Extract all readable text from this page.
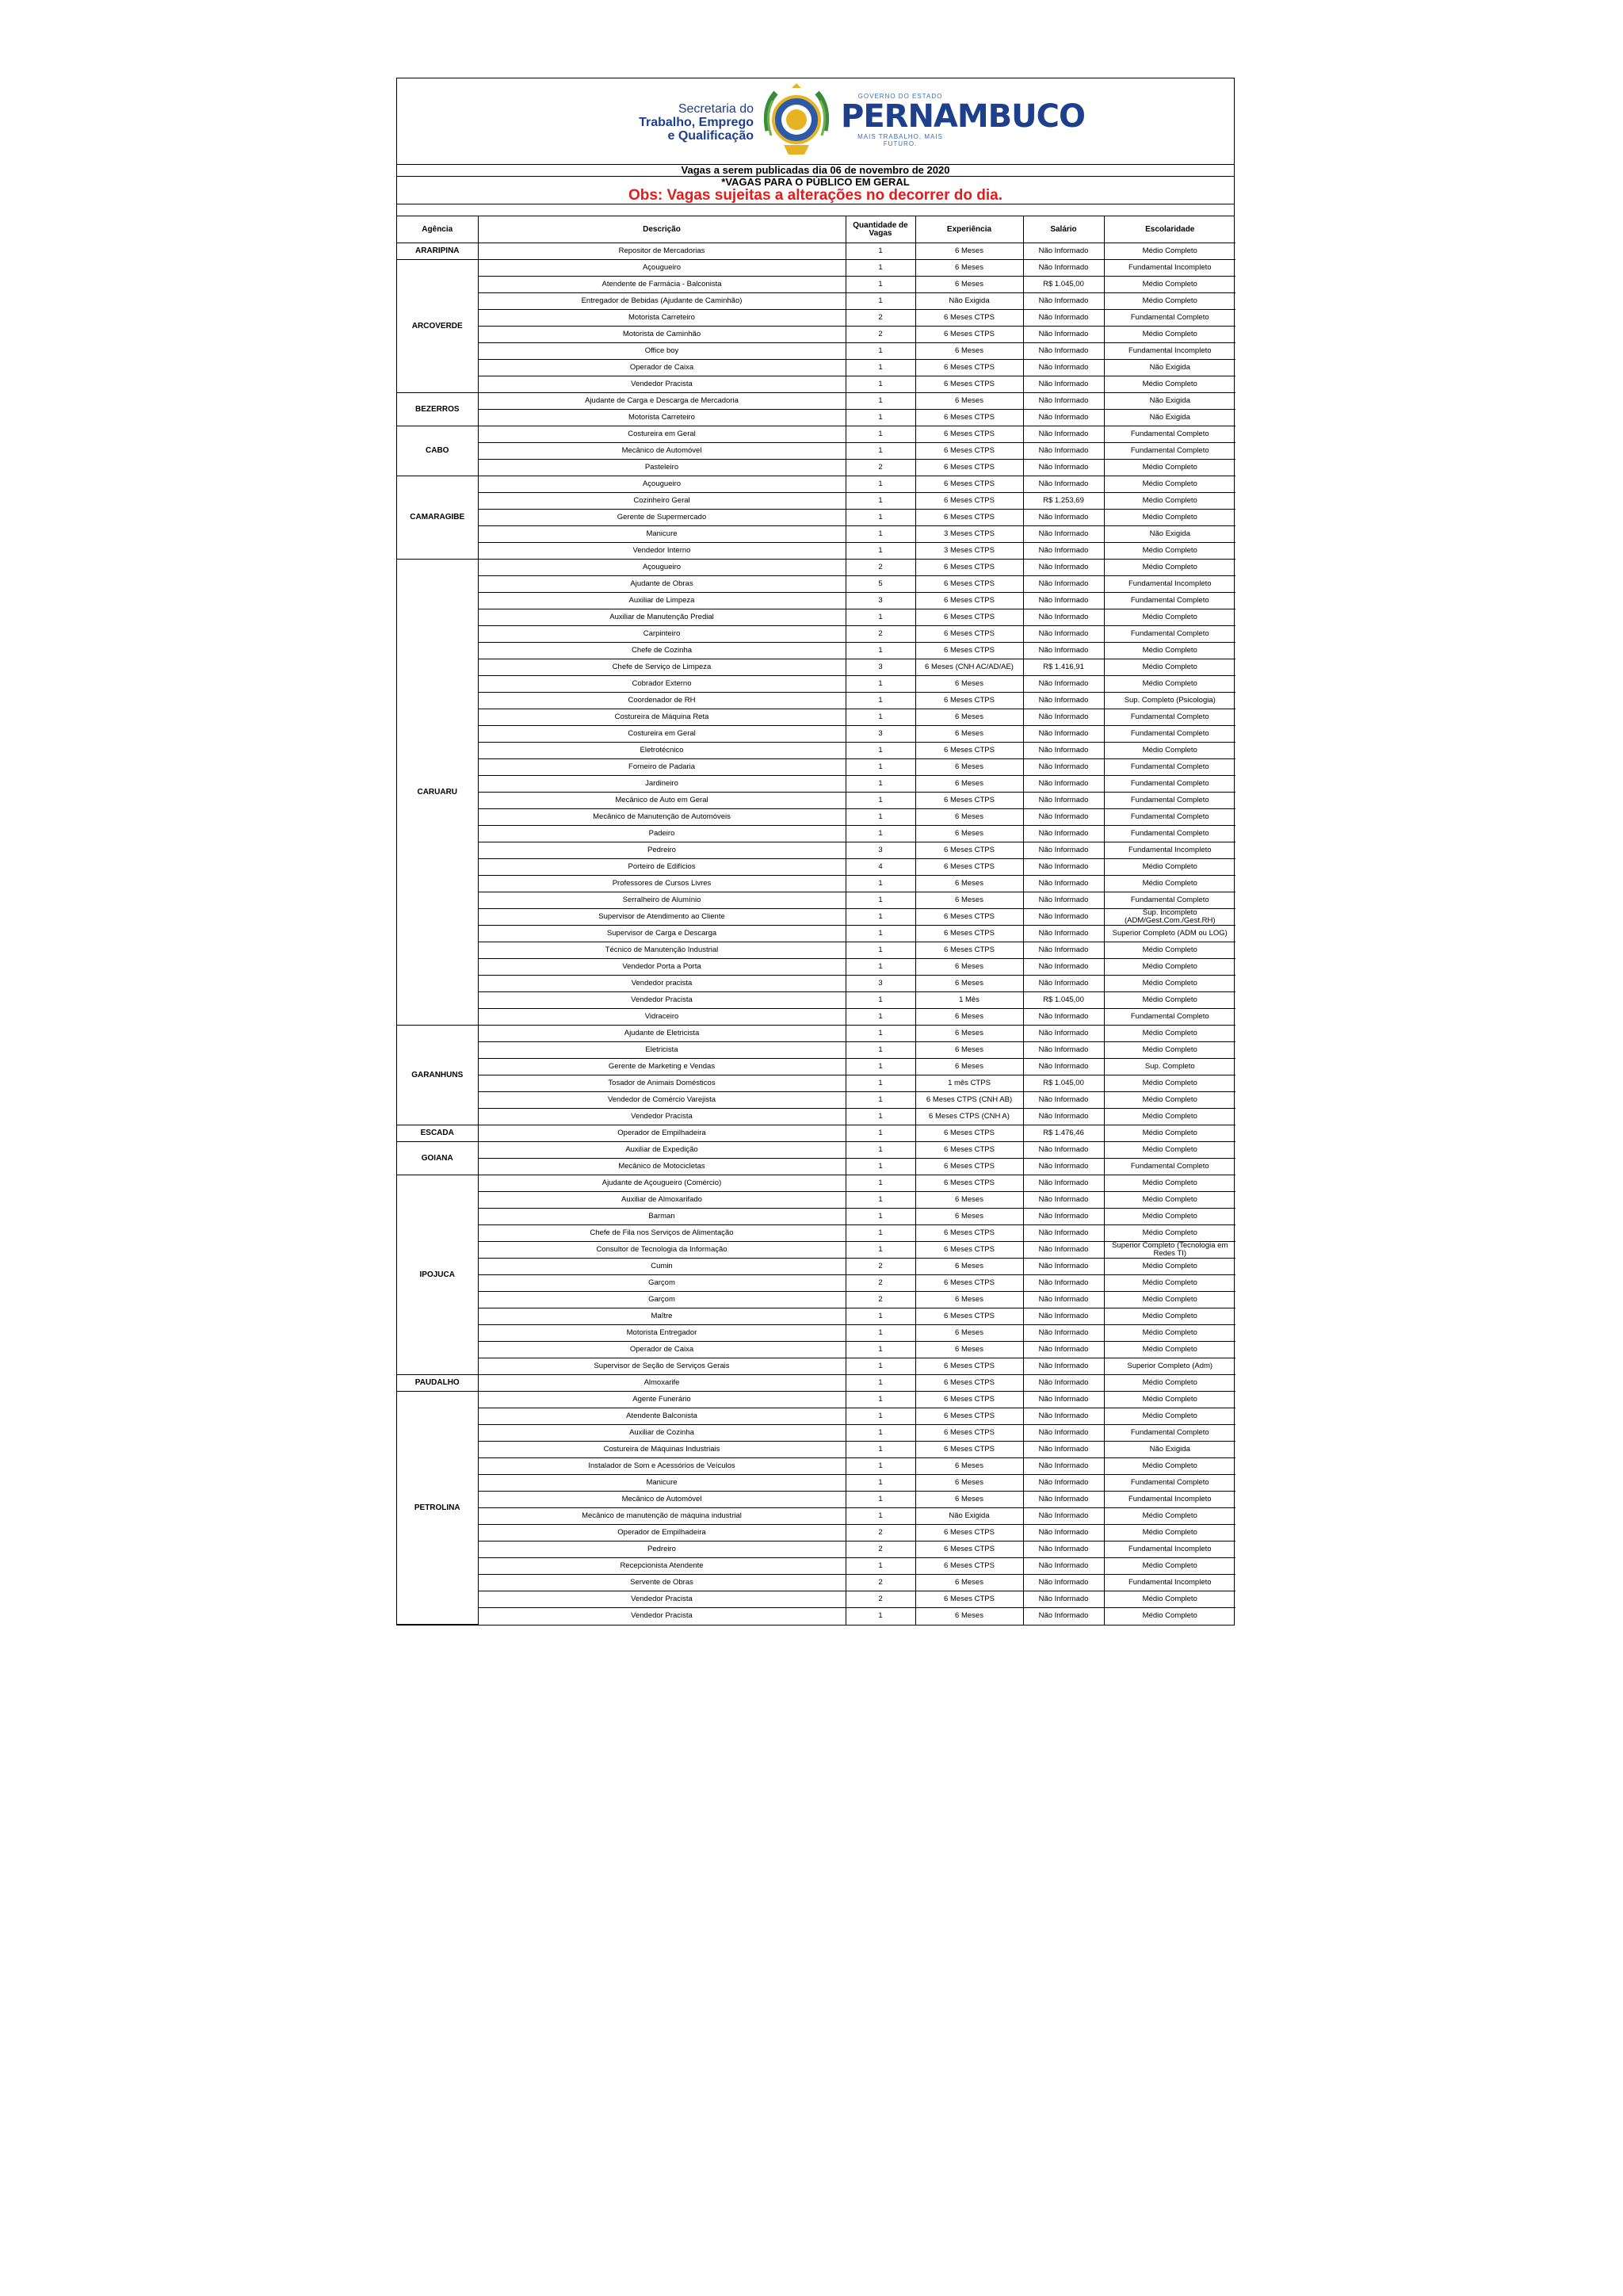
Secretaria do
Trabalho, Emprego
e Qualificação
GOVERNO DO ESTADO
PERNAMBUCO
MAIS TRABALHO, MAIS FUTURO.
Vagas a serem publicadas dia 06 de novembro de 2020
*VAGAS PARA O PÚBLICO EM GERAL
Obs: Vagas sujeitas a alterações no decorrer do dia.
Agência	Descrição	Quantidade de Vagas	Experiência	Salário	Escolaridade
ARARIPINA	Repositor de Mercadorias	1	6 Meses	Não Informado	Médio Completo
ARCOVERDE	Açougueiro	1	6 Meses	Não Informado	Fundamental Incompleto
	Atendente de Farmácia - Balconista	1	6 Meses	R$ 1.045,00	Médio Completo
	Entregador de Bebidas (Ajudante de Caminhão)	1	Não Exigida	Não Informado	Médio Completo
	Motorista Carreteiro	2	6 Meses CTPS	Não Informado	Fundamental Completo
	Motorista de Caminhão	2	6 Meses CTPS	Não Informado	Médio Completo
	Office boy	1	6 Meses	Não Informado	Fundamental Incompleto
	Operador de Caixa	1	6 Meses CTPS	Não Informado	Não Exigida
	Vendedor Pracista	1	6 Meses CTPS	Não Informado	Médio Completo
BEZERROS	Ajudante de Carga e Descarga de Mercadoria	1	6 Meses	Não Informado	Não Exigida
	Motorista Carreteiro	1	6 Meses CTPS	Não Informado	Não Exigida
CABO	Costureira em Geral	1	6 Meses CTPS	Não Informado	Fundamental Completo
	Mecânico de Automóvel	1	6 Meses CTPS	Não Informado	Fundamental Completo
	Pasteleiro	2	6 Meses CTPS	Não Informado	Médio Completo
CAMARAGIBE	Açougueiro	1	6 Meses CTPS	Não Informado	Médio Completo
	Cozinheiro Geral	1	6 Meses CTPS	R$ 1.253,69	Médio Completo
	Gerente de Supermercado	1	6 Meses CTPS	Não Informado	Médio Completo
	Manicure	1	3 Meses CTPS	Não Informado	Não Exigida
	Vendedor Interno	1	3 Meses CTPS	Não Informado	Médio Completo
CARUARU	Açougueiro	2	6 Meses CTPS	Não Informado	Médio Completo
	Ajudante de Obras	5	6 Meses CTPS	Não Informado	Fundamental Incompleto
	Auxiliar de Limpeza	3	6 Meses CTPS	Não Informado	Fundamental Completo
	Auxiliar de Manutenção Predial	1	6 Meses CTPS	Não Informado	Médio Completo
	Carpinteiro	2	6 Meses CTPS	Não Informado	Fundamental Completo
	Chefe de Cozinha	1	6 Meses CTPS	Não Informado	Médio Completo
	Chefe de Serviço de Limpeza	3	6 Meses (CNH AC/AD/AE)	R$ 1.416,91	Médio Completo
	Cobrador Externo	1	6 Meses	Não Informado	Médio Completo
	Coordenador de RH	1	6 Meses CTPS	Não Informado	Sup. Completo (Psicologia)
	Costureira de Máquina Reta	1	6 Meses	Não Informado	Fundamental Completo
	Costureira em Geral	3	6 Meses	Não Informado	Fundamental Completo
	Eletrotécnico	1	6 Meses CTPS	Não Informado	Médio Completo
	Forneiro de Padaria	1	6 Meses	Não Informado	Fundamental Completo
	Jardineiro	1	6 Meses	Não Informado	Fundamental Completo
	Mecânico de Auto em Geral	1	6 Meses CTPS	Não Informado	Fundamental Completo
	Mecânico de Manutenção de Automóveis	1	6 Meses	Não Informado	Fundamental Completo
	Padeiro	1	6 Meses	Não Informado	Fundamental Completo
	Pedreiro	3	6 Meses CTPS	Não Informado	Fundamental Incompleto
	Porteiro de Edifícios	4	6 Meses CTPS	Não Informado	Médio Completo
	Professores de Cursos Livres	1	6 Meses	Não Informado	Médio Completo
	Serralheiro de Alumínio	1	6 Meses	Não Informado	Fundamental Completo
	Supervisor de Atendimento ao Cliente	1	6 Meses CTPS	Não Informado	Sup. Incompleto (ADM/Gest.Com./Gest.RH)
	Supervisor de Carga e Descarga	1	6 Meses CTPS	Não Informado	Superior Completo (ADM ou LOG)
	Técnico de Manutenção Industrial	1	6 Meses CTPS	Não Informado	Médio Completo
	Vendedor Porta a Porta	1	6 Meses	Não Informado	Médio Completo
	Vendedor pracista	3	6 Meses	Não Informado	Médio Completo
	Vendedor Pracista	1	1 Mês	R$ 1.045,00	Médio Completo
	Vidraceiro	1	6 Meses	Não Informado	Fundamental Completo
GARANHUNS	Ajudante de Eletricista	1	6 Meses	Não Informado	Médio Completo
	Eletricista	1	6 Meses	Não Informado	Médio Completo
	Gerente de Marketing e Vendas	1	6 Meses	Não Informado	Sup. Completo
	Tosador de Animais Domésticos	1	1 mês CTPS	R$ 1.045,00	Médio Completo
	Vendedor de Comércio Varejista	1	6 Meses CTPS (CNH AB)	Não Informado	Médio Completo
	Vendedor Pracista	1	6 Meses CTPS (CNH A)	Não Informado	Médio Completo
ESCADA	Operador de Empilhadeira	1	6 Meses CTPS	R$ 1.476,46	Médio Completo
GOIANA	Auxiliar de Expedição	1	6 Meses CTPS	Não Informado	Médio Completo
	Mecânico de Motocicletas	1	6 Meses CTPS	Não Informado	Fundamental Completo
IPOJUCA	Ajudante de Açougueiro (Comércio)	1	6 Meses CTPS	Não Informado	Médio Completo
	Auxiliar de Almoxarifado	1	6 Meses	Não Informado	Médio Completo
	Barman	1	6 Meses	Não Informado	Médio Completo
	Chefe de Fila nos Serviços de Alimentação	1	6 Meses CTPS	Não Informado	Médio Completo
	Consultor de Tecnologia da Informação	1	6 Meses CTPS	Não Informado	Superior Completo (Tecnologia em Redes TI)
	Cumin	2	6 Meses	Não Informado	Médio Completo
	Garçom	2	6 Meses CTPS	Não Informado	Médio Completo
	Garçom	2	6 Meses	Não Informado	Médio Completo
	Maître	1	6 Meses CTPS	Não Informado	Médio Completo
	Motorista Entregador	1	6 Meses	Não Informado	Médio Completo
	Operador de Caixa	1	6 Meses	Não Informado	Médio Completo
	Supervisor de Seção de Serviços Gerais	1	6 Meses CTPS	Não Informado	Superior Completo (Adm)
PAUDALHO	Almoxarife	1	6 Meses CTPS	Não Informado	Médio Completo
PETROLINA	Agente Funerário	1	6 Meses CTPS	Não Informado	Médio Completo
	Atendente Balconista	1	6 Meses CTPS	Não Informado	Médio Completo
	Auxiliar de Cozinha	1	6 Meses CTPS	Não Informado	Fundamental Completo
	Costureira de Máquinas Industriais	1	6 Meses CTPS	Não Informado	Não Exigida
	Instalador de Som e Acessórios de Veículos	1	6 Meses	Não Informado	Médio Completo
	Manicure	1	6 Meses	Não Informado	Fundamental Completo
	Mecânico de Automóvel	1	6 Meses	Não Informado	Fundamental Incompleto
	Mecânico de manutenção de máquina industrial	1	Não Exigida	Não Informado	Médio Completo
	Operador de Empilhadeira	2	6 Meses CTPS	Não Informado	Médio Completo
	Pedreiro	2	6 Meses CTPS	Não Informado	Fundamental Incompleto
	Recepcionista Atendente	1	6 Meses CTPS	Não Informado	Médio Completo
	Servente de Obras	2	6 Meses	Não Informado	Fundamental Incompleto
	Vendedor Pracista	2	6 Meses CTPS	Não Informado	Médio Completo
	Vendedor Pracista	1	6 Meses	Não Informado	Médio Completo
